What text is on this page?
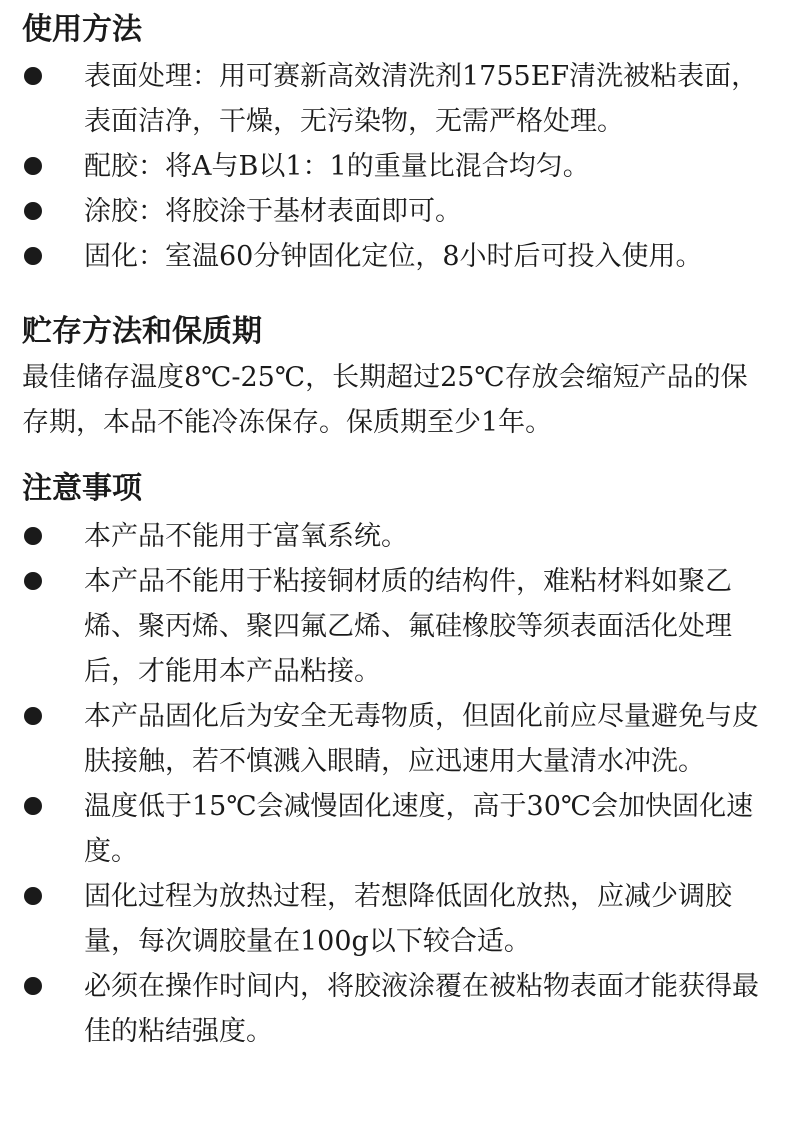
使用方法
表面处理：用可赛新高效清洗剂1755EF清洗被粘表面，表面洁净，干燥，无污染物，无需严格处理。
配胶：将A与B以1：1的重量比混合均匀。
涂胶：将胶涂于基材表面即可。
固化：室温60分钟固化定位，8小时后可投入使用。
贮存方法和保质期

最佳储存温度8℃-25℃，长期超过25℃存放会缩短产品的保存期，本品不能冷冻保存。保质期至少1年。

注意事项
本产品不能用于富氧系统。
本产品不能用于粘接铜材质的结构件，难粘材料如聚乙烯、聚丙烯、聚四氟乙烯、氟硅橡胶等须表面活化处理后，才能用本产品粘接。
本产品固化后为安全无毒物质，但固化前应尽量避免与皮肤接触，若不慎溅入眼睛，应迅速用大量清水冲洗。
温度低于15℃会减慢固化速度，高于30℃会加快固化速度。
固化过程为放热过程，若想降低固化放热，应减少调胶量，每次调胶量在100g以下较合适。
必须在操作时间内，将胶液涂覆在被粘物表面才能获得最佳的粘结强度。
